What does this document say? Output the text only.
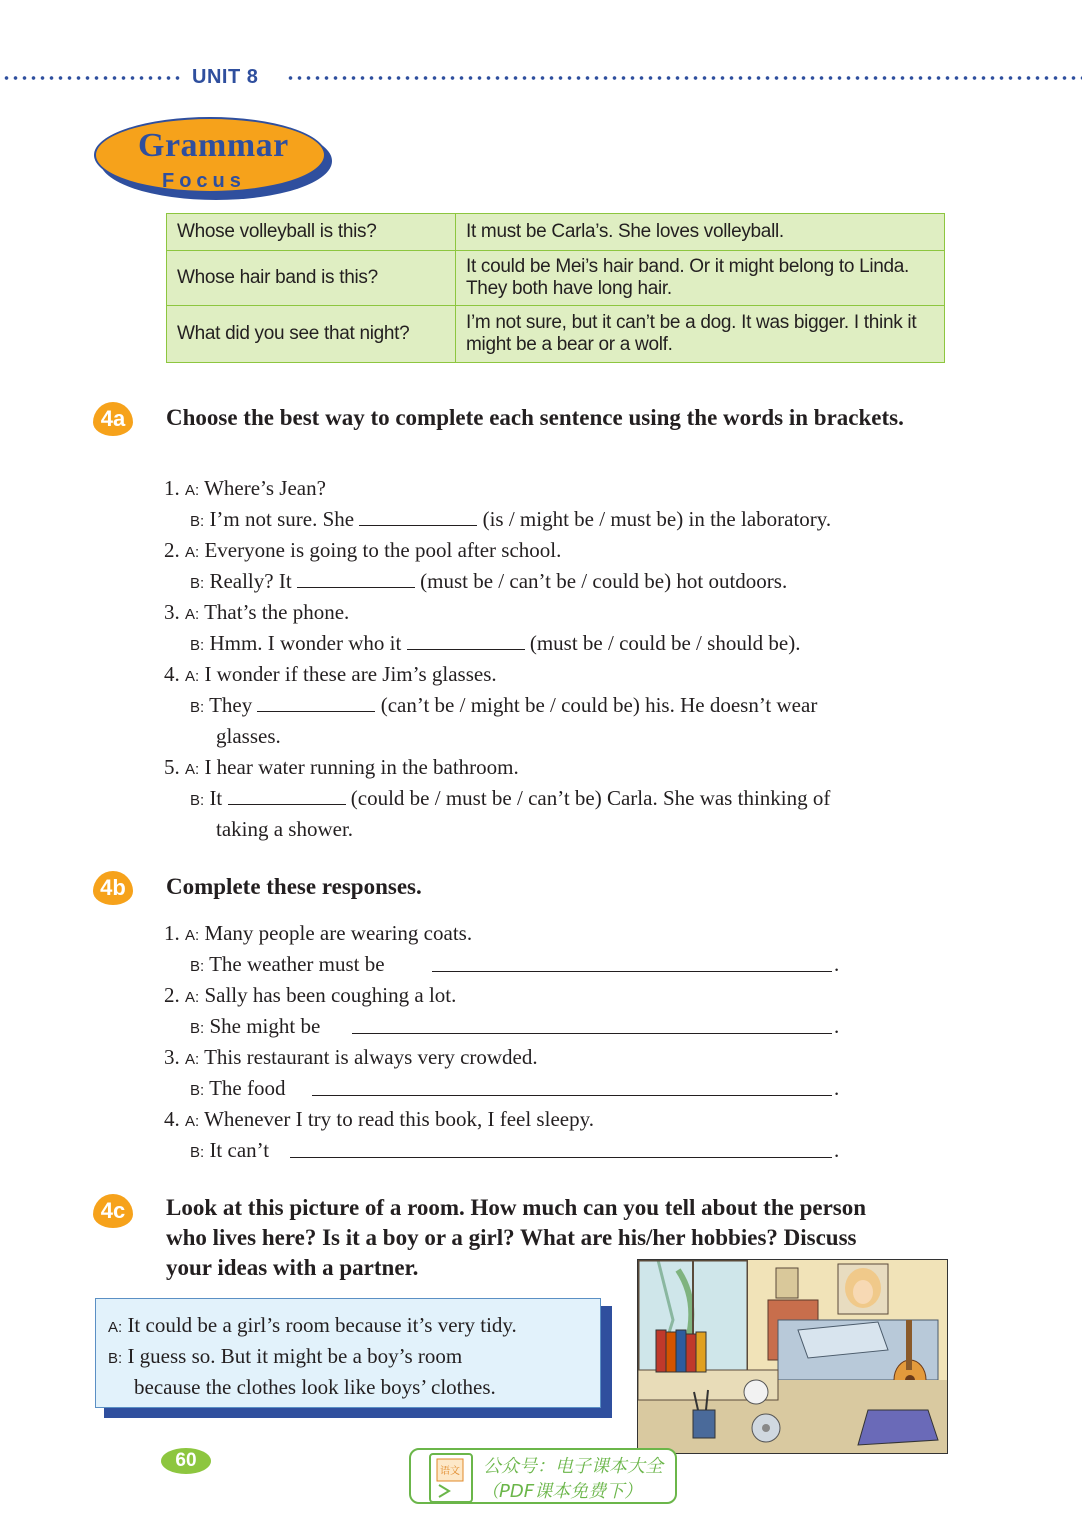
UNIT 8
Grammar
Focus
Whose volleyball is this?	It must be Carla’s. She loves volleyball.
Whose hair band is this?	It could be Mei’s hair band. Or it might belong to Linda. They both have long hair.
What did you see that night?	I’m not sure, but it can’t be a dog. It was bigger. I think it might be a bear or a wolf.
4a	Choose the best way to complete each sentence using the words in brackets.
1. A: Where’s Jean?
B: I’m not sure. She	(is / might be / must be) in the laboratory.
2. A: Everyone is going to the pool after school.
B: Really? It	(must be / can’t be / could be) hot outdoors.
3. A: That’s the phone.
B: Hmm. I wonder who it	(must be / could be / should be).
4. A: I wonder if these are Jim’s glasses.
B: They	(can’t be / might be / could be) his. He doesn’t wear
glasses.
5. A: I hear water running in the bathroom.
B: It	(could be / must be / can’t be) Carla. She was thinking of
taking a shower.
4b	Complete these responses.
1. A: Many people are wearing coats.
B: The weather must be	.
2. A: Sally has been coughing a lot.
B: She might be	.
3. A: This restaurant is always very crowded.
B: The food	.
4. A: Whenever I try to read this book, I feel sleepy.
B: It can’t	.
4c	Look at this picture of a room. How much can you tell about the person
who lives here? Is it a boy or a girl? What are his/her hobbies? Discuss
your ideas with a partner.
A: It could be a girl’s room because it’s very tidy.
B: I guess so. But it might be a boy’s room
because the clothes look like boys’ clothes.
60
语文 公众号：电子课本大全
（PDF课本免费下）
